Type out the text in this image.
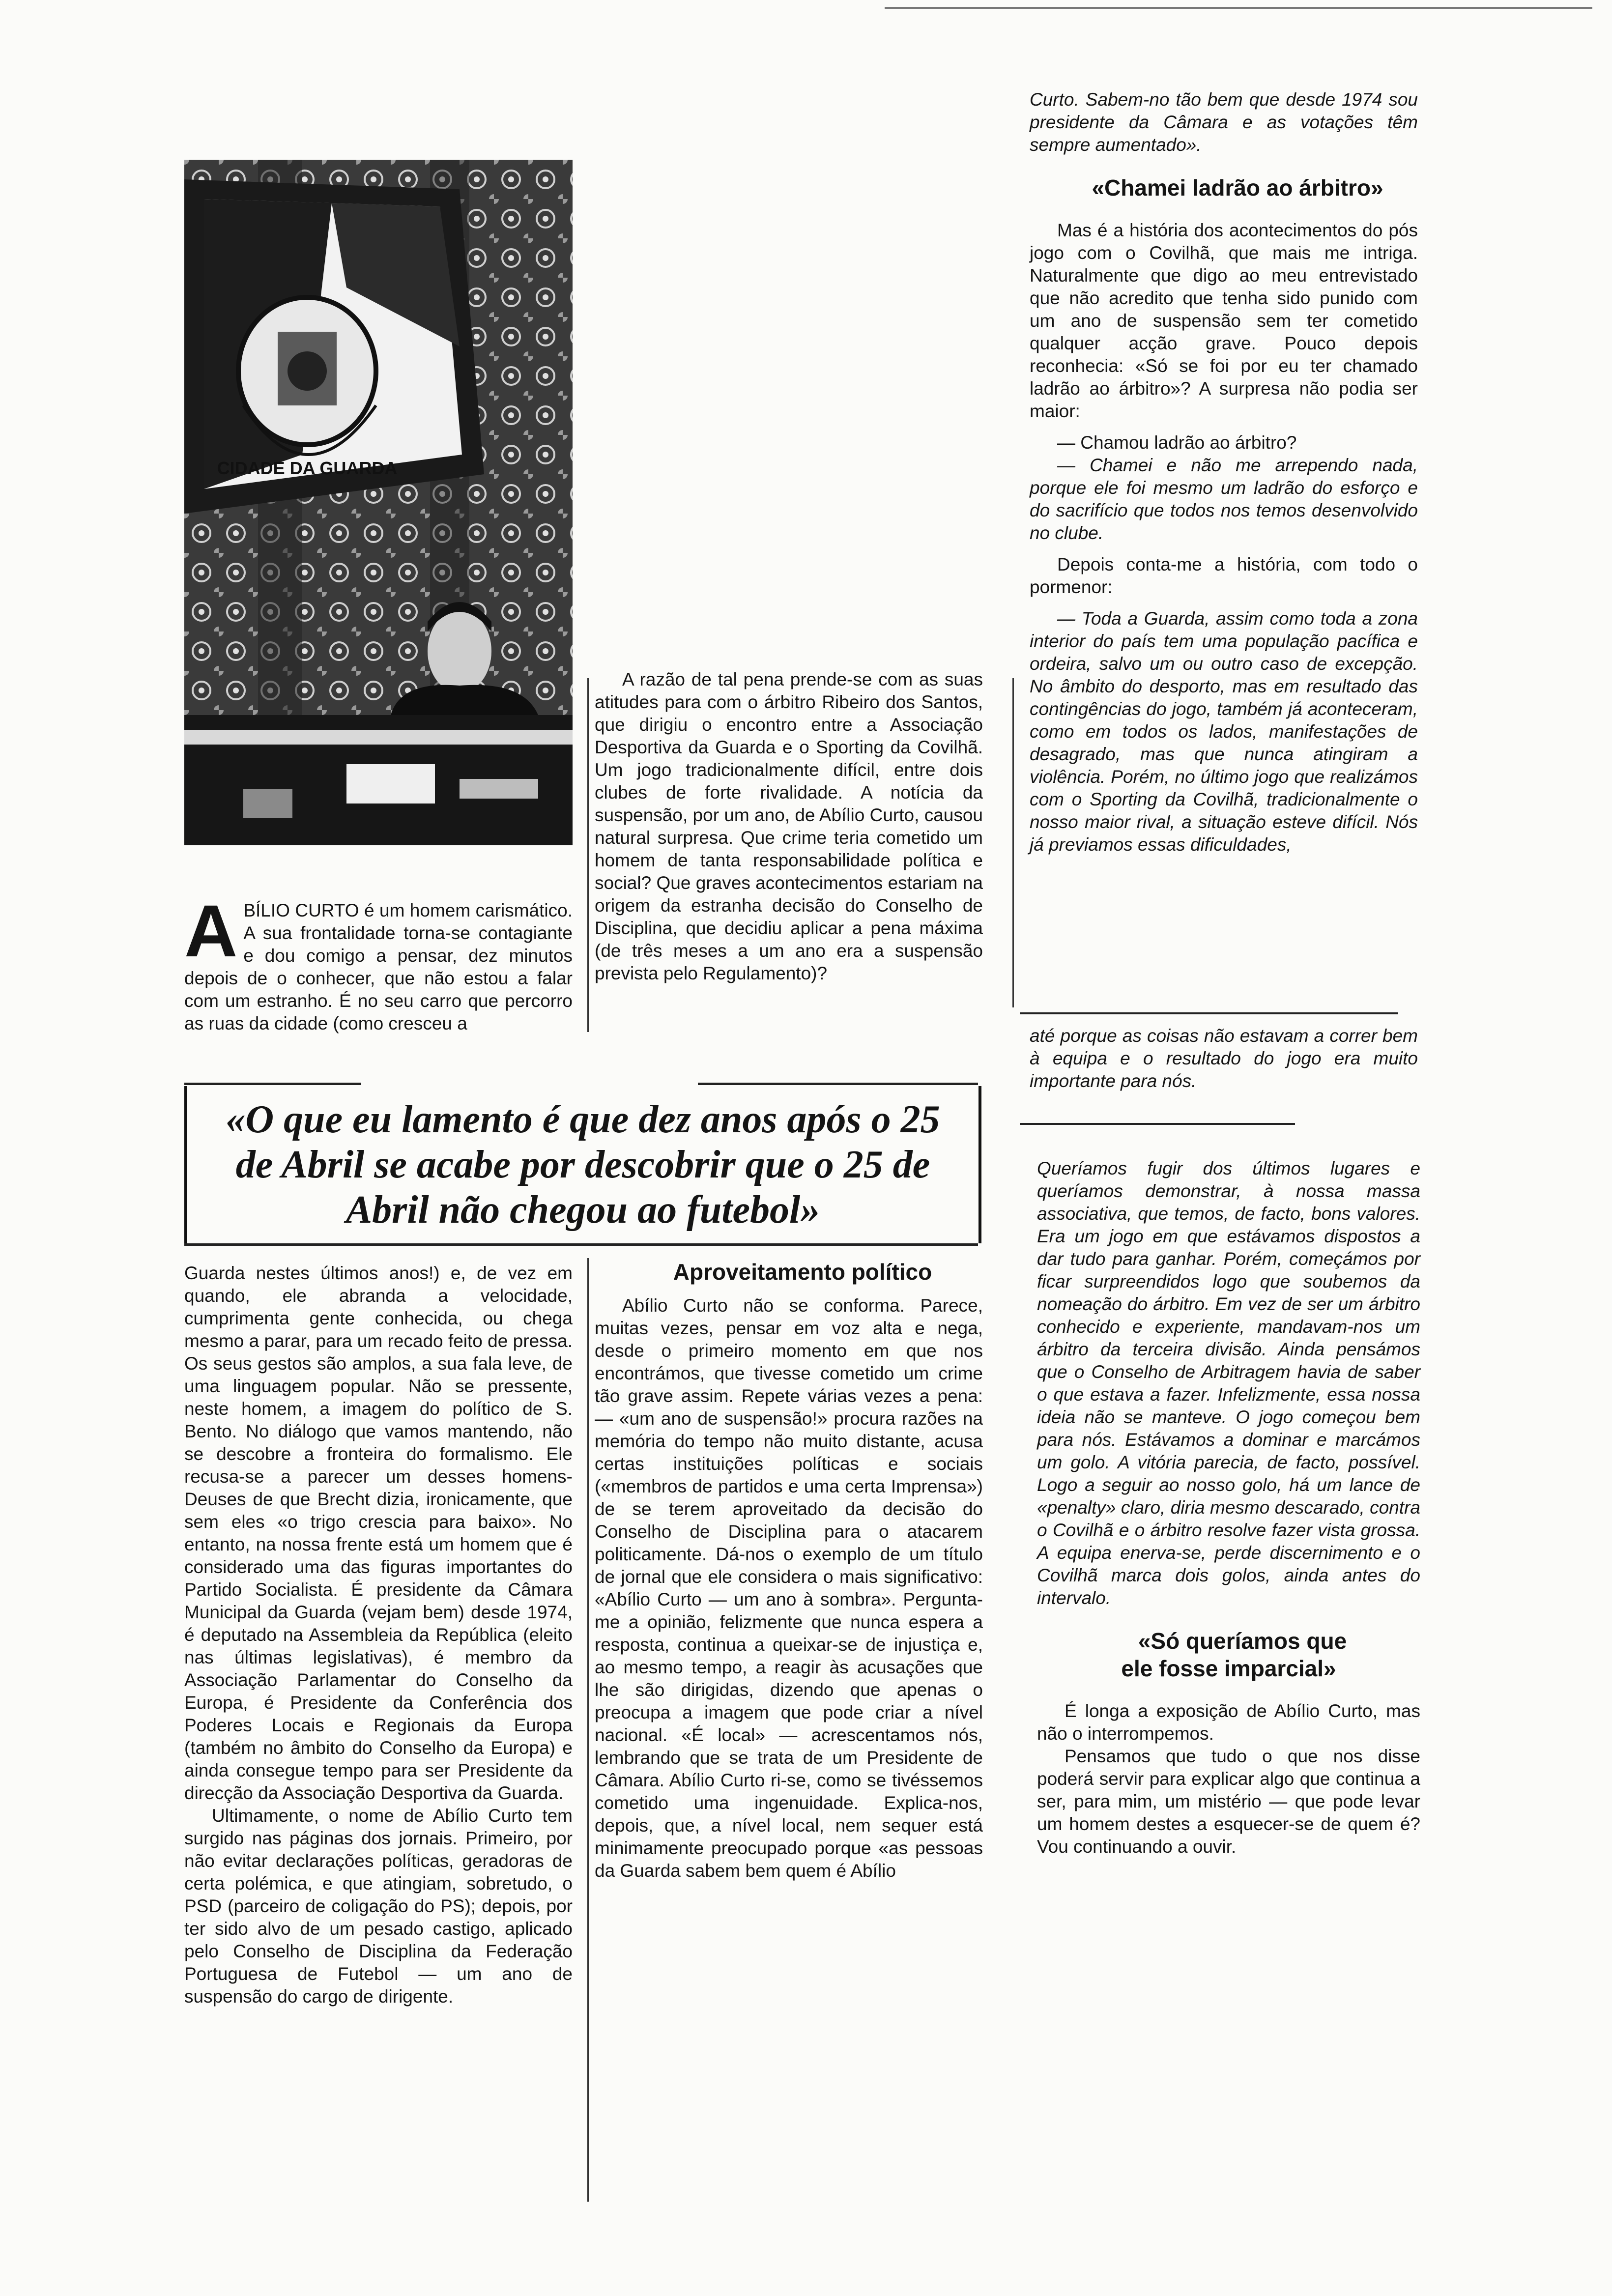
CIDADE DA GUARDA
A BÍLIO CURTO é um homem carismático. A sua frontalidade torna-se contagiante e dou comigo a pensar, dez minutos depois de o conhecer, que não estou a falar com um estranho. É no seu carro que percorro as ruas da cidade (como cresceu a

A razão de tal pena prende-se com as suas atitudes para com o árbitro Ribeiro dos Santos, que dirigiu o encontro entre a Associação Desportiva da Guarda e o Sporting da Covilhã. Um jogo tradicionalmente difícil, entre dois clubes de forte rivalidade. A notícia da suspensão, por um ano, de Abílio Curto, causou natural surpresa. Que crime teria cometido um homem de tanta responsabilidade política e social? Que graves acontecimentos estariam na origem da estranha decisão do Conselho de Disciplina, que decidiu aplicar a pena máxima (de três meses a um ano era a suspensão prevista pelo Regulamento)?

«O que eu lamento é que dez anos após o 25 de Abril se acabe por descobrir que o 25 de Abril não chegou ao futebol»

Guarda nestes últimos anos!) e, de vez em quando, ele abranda a velocidade, cumprimenta gente conhecida, ou chega mesmo a parar, para um recado feito de pressa. Os seus gestos são amplos, a sua fala leve, de uma linguagem popular. Não se pressente, neste homem, a imagem do político de S. Bento. No diálogo que vamos mantendo, não se descobre a fronteira do formalismo. Ele recusa-se a parecer um desses homens-Deuses de que Brecht dizia, ironicamente, que sem eles «o trigo crescia para baixo». No entanto, na nossa frente está um homem que é considerado uma das figuras importantes do Partido Socialista. É presidente da Câmara Municipal da Guarda (vejam bem) desde 1974, é deputado na Assembleia da República (eleito nas últimas legislativas), é membro da Associação Parlamentar do Conselho da Europa, é Presidente da Conferência dos Poderes Locais e Regionais da Europa (também no âmbito do Conselho da Europa) e ainda consegue tempo para ser Presidente da direcção da Associação Desportiva da Guarda.

Ultimamente, o nome de Abílio Curto tem surgido nas páginas dos jornais. Primeiro, por não evitar declarações políticas, geradoras de certa polémica, e que atingiam, sobretudo, o PSD (parceiro de coligação do PS); depois, por ter sido alvo de um pesado castigo, aplicado pelo Conselho de Disciplina da Federação Portuguesa de Futebol — um ano de suspensão do cargo de dirigente.

Aproveitamento político

Abílio Curto não se conforma. Parece, muitas vezes, pensar em voz alta e nega, desde o primeiro momento em que nos encontrámos, que tivesse cometido um crime tão grave assim. Repete várias vezes a pena: — «um ano de suspensão!» procura razões na memória do tempo não muito distante, acusa certas instituições políticas e sociais («membros de partidos e uma certa Imprensa») de se terem aproveitado da decisão do Conselho de Disciplina para o atacarem politicamente. Dá-nos o exemplo de um título de jornal que ele considera o mais significativo: «Abílio Curto — um ano à sombra». Pergunta-me a opinião, felizmente que nunca espera a resposta, continua a queixar-se de injustiça e, ao mesmo tempo, a reagir às acusações que lhe são dirigidas, dizendo que apenas o preocupa a imagem que pode criar a nível nacional. «É local» — acrescentamos nós, lembrando que se trata de um Presidente de Câmara. Abílio Curto ri-se, como se tivéssemos cometido uma ingenuidade. Explica-nos, depois, que, a nível local, nem sequer está minimamente preocupado porque «as pessoas da Guarda sabem bem quem é Abílio

Curto. Sabem-no tão bem que desde 1974 sou presidente da Câmara e as votações têm sempre aumentado».

«Chamei ladrão ao árbitro»

Mas é a história dos acontecimentos do pós jogo com o Covilhã, que mais me intriga. Naturalmente que digo ao meu entrevistado que não acredito que tenha sido punido com um ano de suspensão sem ter cometido qualquer acção grave. Pouco depois reconhecia: «Só se foi por eu ter chamado ladrão ao árbitro»? A surpresa não podia ser maior:

— Chamou ladrão ao árbitro?

— Chamei e não me arrependo nada, porque ele foi mesmo um ladrão do esforço e do sacrifício que todos nos temos desenvolvido no clube.

Depois conta-me a história, com todo o pormenor:

— Toda a Guarda, assim como toda a zona interior do país tem uma população pacífica e ordeira, salvo um ou outro caso de excepção. No âmbito do desporto, mas em resultado das contingências do jogo, também já aconteceram, como em todos os lados, manifestações de desagrado, mas que nunca atingiram a violência. Porém, no último jogo que realizámos com o Sporting da Covilhã, tradicionalmente o nosso maior rival, a situação esteve difícil. Nós já previamos essas dificuldades,

até porque as coisas não estavam a correr bem à equipa e o resultado do jogo era muito importante para nós.

Queríamos fugir dos últimos lugares e queríamos demonstrar, à nossa massa associativa, que temos, de facto, bons valores. Era um jogo em que estávamos dispostos a dar tudo para ganhar. Porém, começámos por ficar surpreendidos logo que soubemos da nomeação do árbitro. Em vez de ser um árbitro conhecido e experiente, mandavam-nos um árbitro da terceira divisão. Ainda pensámos que o Conselho de Arbitragem havia de saber o que estava a fazer. Infelizmente, essa nossa ideia não se manteve. O jogo começou bem para nós. Estávamos a dominar e marcámos um golo. A vitória parecia, de facto, possível. Logo a seguir ao nosso golo, há um lance de «penalty» claro, diria mesmo descarado, contra o Covilhã e o árbitro resolve fazer vista grossa. A equipa enerva-se, perde discernimento e o Covilhã marca dois golos, ainda antes do intervalo.

«Só queríamos que ele fosse imparcial»

É longa a exposição de Abílio Curto, mas não o interrompemos.

Pensamos que tudo o que nos disse poderá servir para explicar algo que continua a ser, para mim, um mistério — que pode levar um homem destes a esquecer-se de quem é? Vou continuando a ouvir.
